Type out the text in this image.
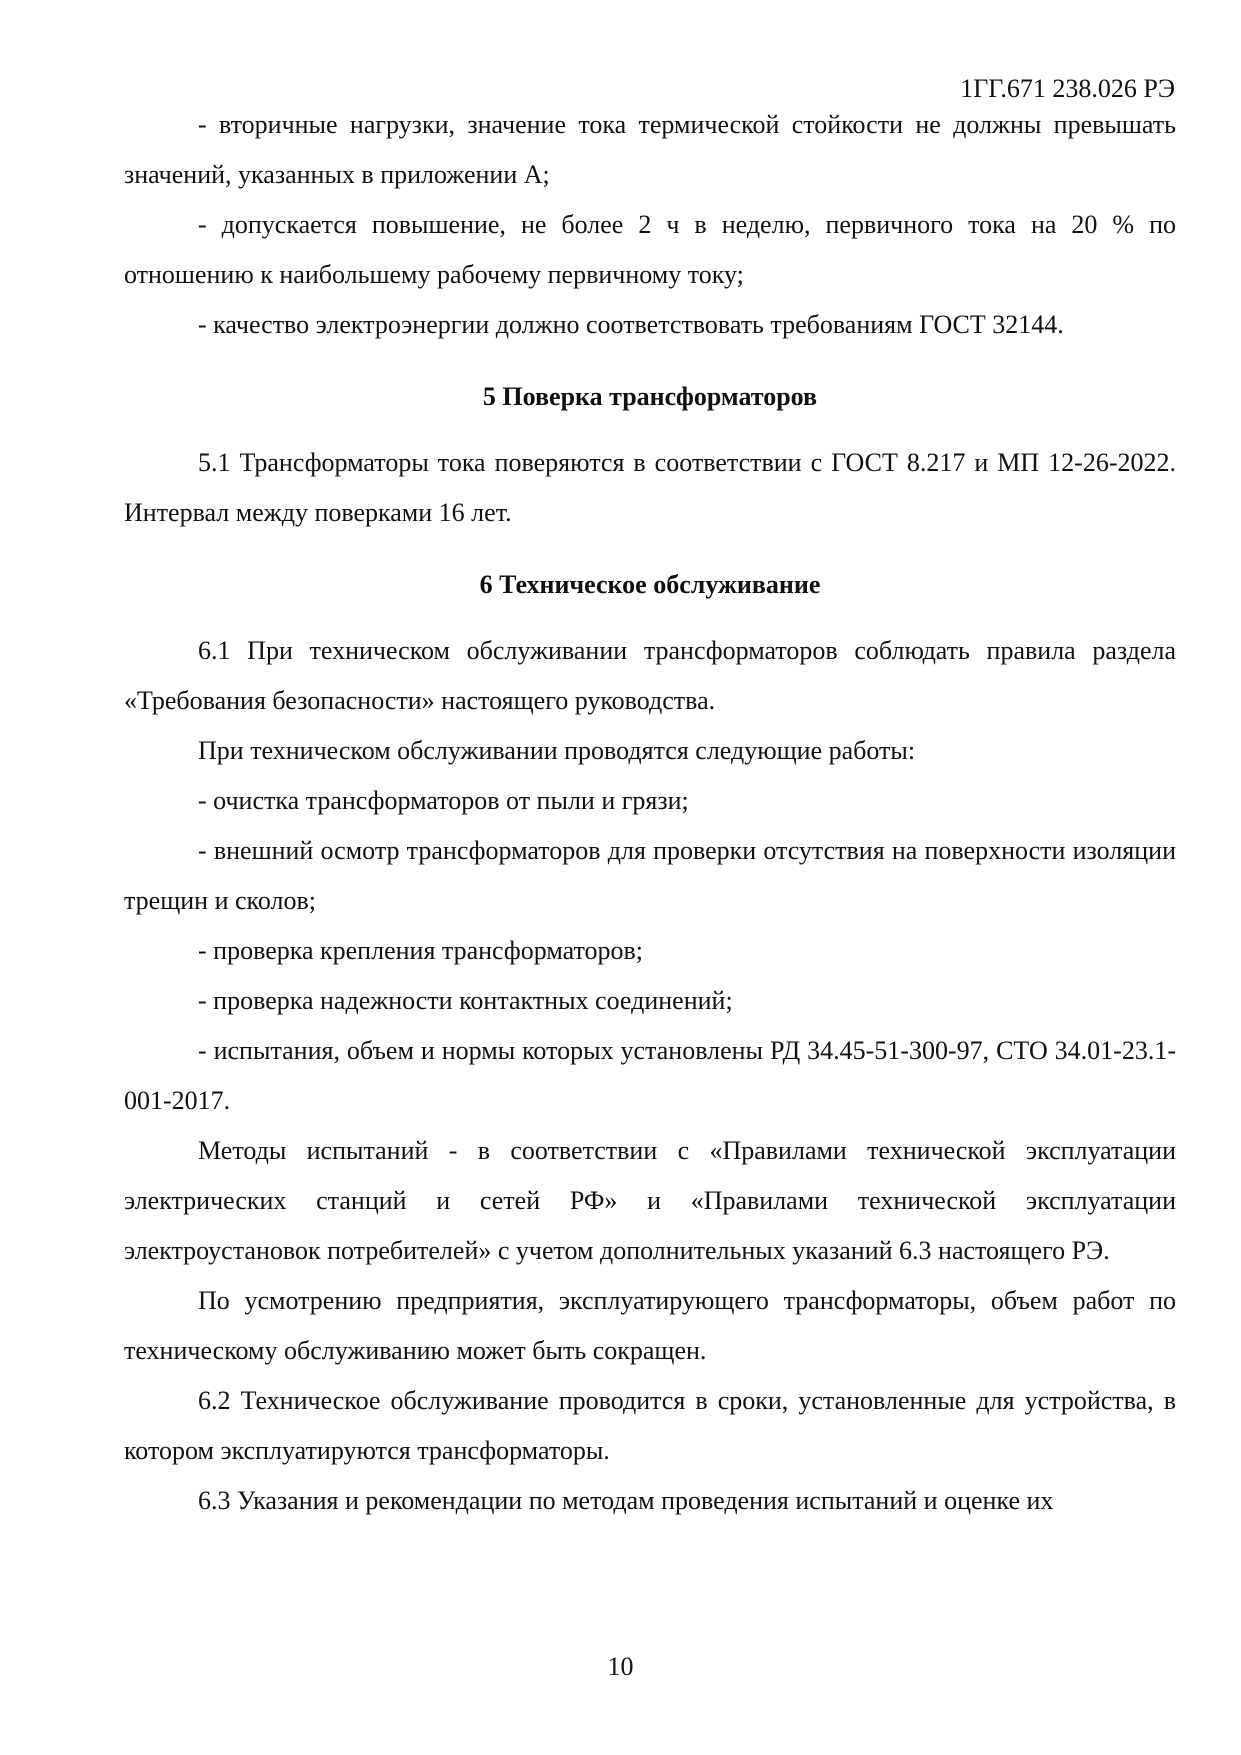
1ГГ.671 238.026 РЭ

- вторичные нагрузки, значение тока термической стойкости не должны превышать значений, указанных в приложении А;

- допускается повышение, не более 2 ч в неделю, первичного тока на 20 % по отношению к наибольшему рабочему первичному току;

- качество электроэнергии должно соответствовать требованиям ГОСТ 32144.

5 Поверка трансформаторов

5.1 Трансформаторы тока поверяются в соответствии с ГОСТ 8.217 и МП 12-26-2022. Интервал между поверками 16 лет.

6 Техническое обслуживание

6.1 При техническом обслуживании трансформаторов соблюдать правила раздела «Требования безопасности» настоящего руководства.

При техническом обслуживании проводятся следующие работы:

- очистка трансформаторов от пыли и грязи;

- внешний осмотр трансформаторов для проверки отсутствия на поверхности изоляции трещин и сколов;

- проверка крепления трансформаторов;

- проверка надежности контактных соединений;

- испытания, объем и нормы которых установлены РД 34.45-51-300-97, СТО 34.01-23.1-001-2017.

Методы испытаний - в соответствии с «Правилами технической эксплуатации электрических станций и сетей РФ» и «Правилами технической эксплуатации электроустановок потребителей» с учетом дополнительных указаний 6.3 настоящего РЭ.

По усмотрению предприятия, эксплуатирующего трансформаторы, объем работ по техническому обслуживанию может быть сокращен.

6.2 Техническое обслуживание проводится в сроки, установленные для устройства, в котором эксплуатируются трансформаторы.

6.3 Указания и рекомендации по методам проведения испытаний и оценке их

10
